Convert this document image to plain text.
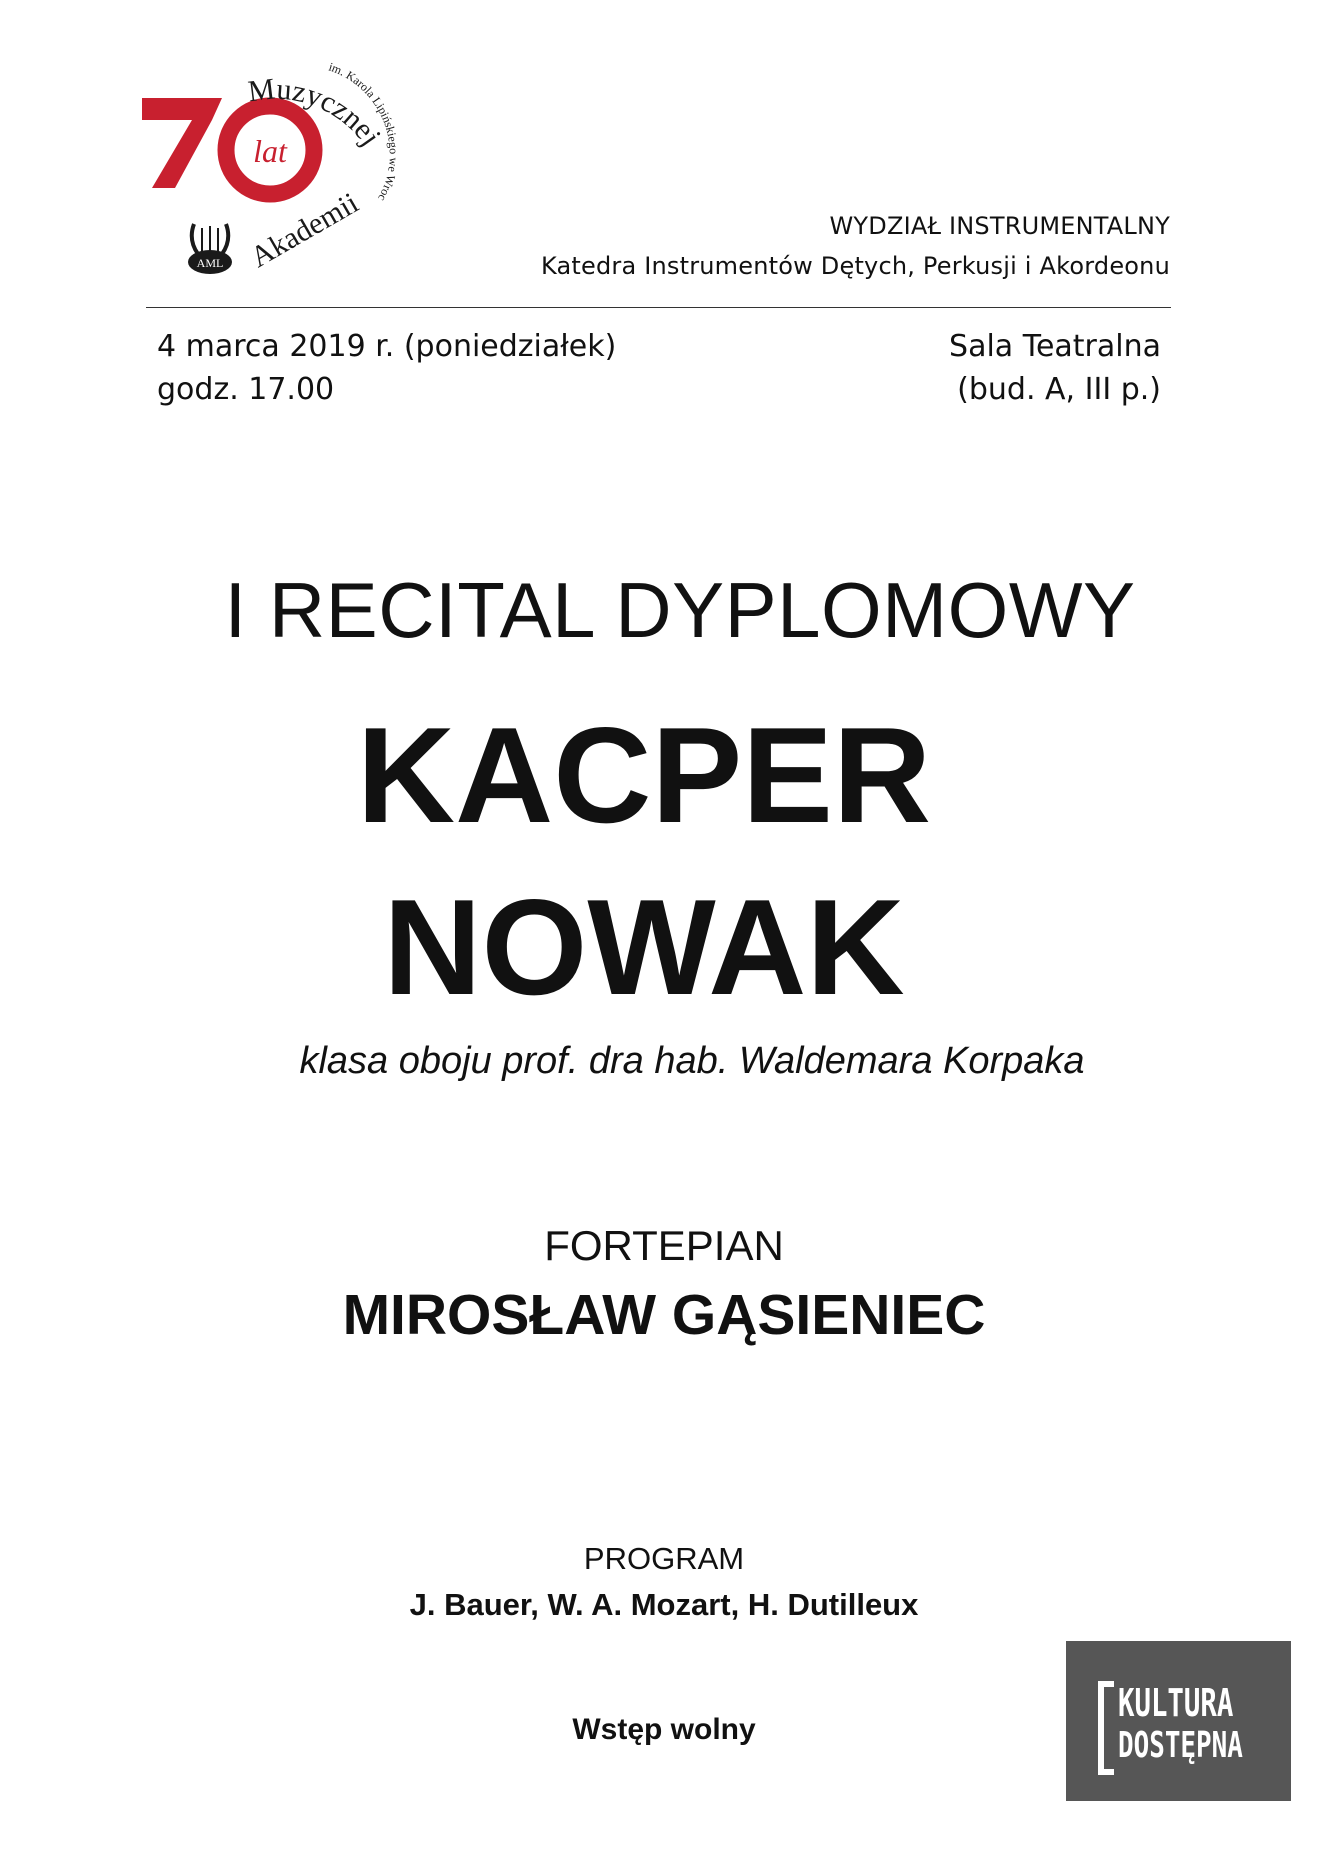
lat
Muzycznej
im. Karola Lipińskiego we Wroc
Akademii
AML
WYDZIAŁ INSTRUMENTALNY
Katedra Instrumentów Dętych, Perkusji i Akordeonu
4 marca 2019 r. (poniedziałek)
godz. 17.00
Sala Teatralna
(bud. A, III p.)
I RECITAL DYPLOMOWY
KACPER
NOWAK
klasa oboju prof. dra hab. Waldemara Korpaka
FORTEPIAN
MIROSŁAW GĄSIENIEC
PROGRAM
J. Bauer, W. A. Mozart, H. Dutilleux
Wstęp wolny
KULTURA
DOSTĘPNA
